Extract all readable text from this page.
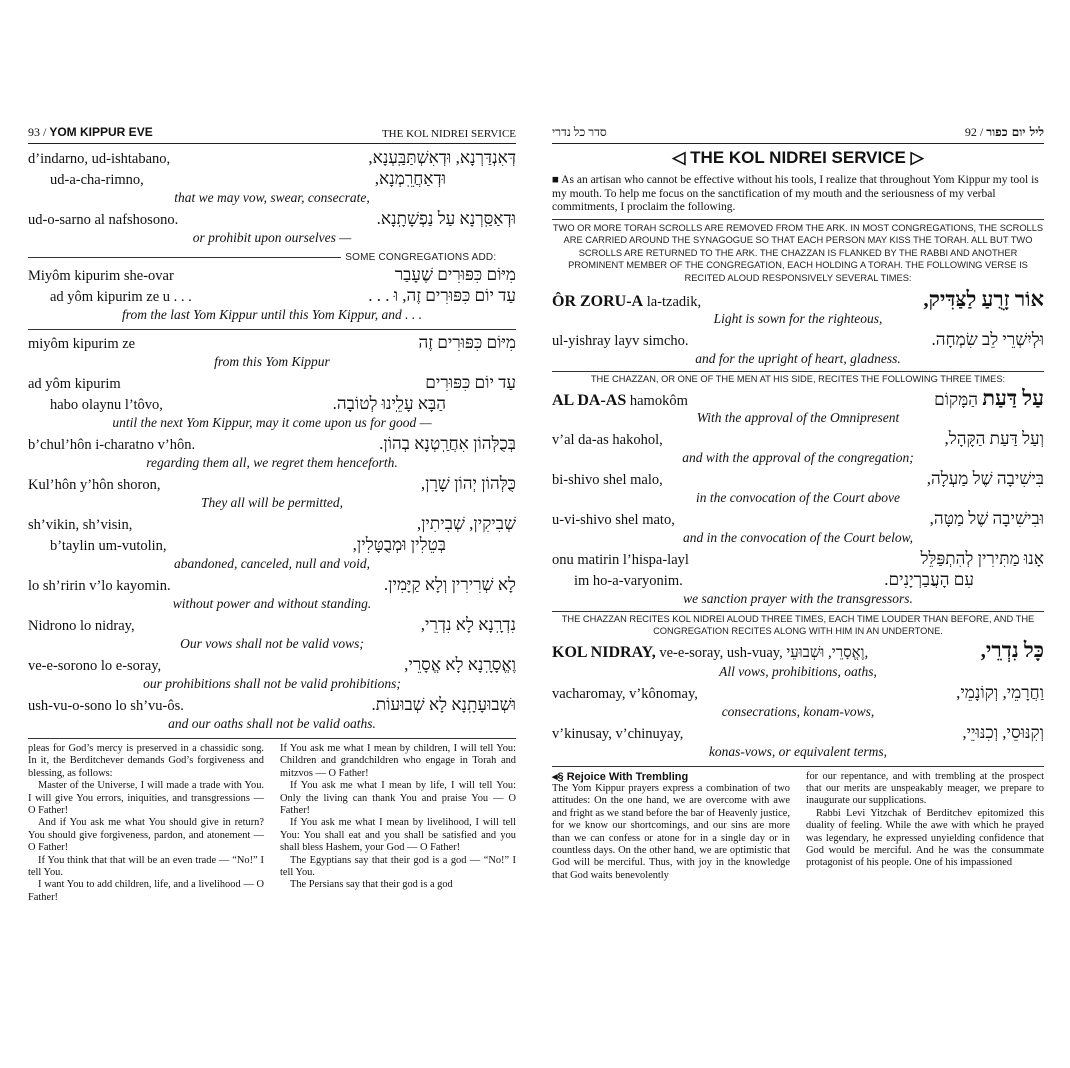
93 / YOM KIPPUR EVE	THE KOL NIDREI SERVICE
d’indarno, ud-ishtabano,	דְּאִנְדַּרְנָא, וּדְאִשְׁתַּבַּֽעְנָא,
ud-a-cha-rimno,	וּדְאַחֲרֵֽמְנָא,
that we may vow, swear, consecrate,
ud-o-sarno al nafshosono.	וּדְאַסַּֽרְנָא עַל נַפְשָׁתָֽנָא.
or prohibit upon ourselves —
SOME CONGREGATIONS ADD:
Miyôm kipurim she-ovar	מִיּוֹם כִּפּוּרִים שֶׁעָבַר
ad yôm kipurim ze u . . .	עַד יוֹם כִּפּוּרִים זֶה, וּ . . .
from the last Yom Kippur until this Yom Kippur, and . . .
miyôm kipurim ze	מִיּוֹם כִּפּוּרִים זֶה
from this Yom Kippur
ad yôm kipurim	עַד יוֹם כִּפּוּרִים
habo olaynu l’tôvo,	הַבָּא עָלֵֽינוּ לְטוֹבָה.
until the next Yom Kippur, may it come upon us for good —
b’chul’hôn i-charatno v’hôn.	בְּכֻלְּהוֹן אִחֲרַֽטְנָא בְהוֹן.
regarding them all, we regret them henceforth.
Kul’hôn y’hôn shoron,	כֻּלְּהוֹן יְהוֹן שָׁרָן,
They all will be permitted,
sh’vikin, sh’visin,	שְׁבִיקִין, שְׁבִיתִין,
b’taylin um-vutolin,	בְּטֵלִין וּמְבֻטָּלִין,
abandoned, canceled, null and void,
lo sh’ririn v’lo kayomin.	לָא שְׁרִירִין וְלָא קַיָּמִין.
without power and without standing.
Nidrono lo nidray,	נִדְרָֽנָא לָא נִדְרֵי,
Our vows shall not be valid vows;
ve-e-sorono lo e-soray,	וֶאֱסָרָֽנָא לָא אֱסָרֵי,
our prohibitions shall not be valid prohibitions;
ush-vu-o-sono lo sh’vu-ôs.	וּשְׁבוּעָתָֽנָא לָא שְׁבוּעוֹת.
and our oaths shall not be valid oaths.

pleas for God’s mercy is preserved in a chassidic song. In it, the Berditchever demands God’s forgiveness and blessing, as follows:

Master of the Universe, I will made a trade with You. I will give You errors, iniquities, and transgressions — O Father!

And if You ask me what You should give in return? You should give forgiveness, pardon, and atonement — O Father!

If You think that that will be an even trade — “No!” I tell You.

I want You to add children, life, and a livelihood — O Father!

If You ask me what I mean by children, I will tell You: Children and grandchildren who engage in Torah and mitzvos — O Father!

If You ask me what I mean by life, I will tell You: Only the living can thank You and praise You — O Father!

If You ask me what I mean by livelihood, I will tell You: You shall eat and you shall be satisfied and you shall bless Hashem, your God — O Father!

The Egyptians say that their god is a god — “No!” I tell You.

The Persians say that their god is a god

סדר כל נדרי	ליל יום כפור / 92
◁ THE KOL NIDREI SERVICE ▷
■ As an artisan who cannot be effective without his tools, I realize that throughout Yom Kippur my tool is my mouth. To help me focus on the sanctification of my mouth and the seriousness of my verbal commitments, I proclaim the following.
TWO OR MORE TORAH SCROLLS ARE REMOVED FROM THE ARK. IN MOST CONGREGATIONS, THE SCROLLS ARE CARRIED AROUND THE SYNAGOGUE SO THAT EACH PERSON MAY KISS THE TORAH. ALL BUT TWO SCROLLS ARE RETURNED TO THE ARK. THE CHAZZAN IS FLANKED BY THE RABBI AND ANOTHER PROMINENT MEMBER OF THE CONGREGATION, EACH HOLDING A TORAH. THE FOLLOWING VERSE IS RECITED ALOUD RESPONSIVELY SEVERAL TIMES:
ÔR ZORU-A la-tzadik,	אוֹר זָרֻעַ לַצַּדִּיק,
Light is sown for the righteous,
ul-yishray layv simcho.	וּלְיִשְׁרֵי לֵב שִׂמְחָה.
and for the upright of heart, gladness.
THE CHAZZAN, OR ONE OF THE MEN AT HIS SIDE, RECITES THE FOLLOWING THREE TIMES:
AL DA-AS hamokôm	עַל דַּעַת הַמָּקוֹם
With the approval of the Omnipresent
v’al da-as hakohol,	וְעַל דַּעַת הַקָּהָל,
and with the approval of the congregation;
bi-shivo shel malo,	בִּישִׁיבָה שֶׁל מַעְלָה,
in the convocation of the Court above
u-vi-shivo shel mato,	וּבִישִׁיבָה שֶׁל מַטָּה,
and in the convocation of the Court below,
onu matirin l’hispa-layl	אָנוּ מַתִּירִין לְהִתְפַּלֵּל
im ho-a-varyonim.	עִם הָעֲבַרְיָנִים.
we sanction prayer with the transgressors.
THE CHAZZAN RECITES KOL NIDREI ALOUD THREE TIMES, EACH TIME LOUDER THAN BEFORE, AND THE CONGREGATION RECITES ALONG WITH HIM IN AN UNDERTONE.
KOL NIDRAY, ve-e-soray, ush-vuay, וֶאֱסָרֵי, וּשְׁבוּעֵי,	כָּל נִדְרֵי,
All vows, prohibitions, oaths,
vacharomay, v’kônomay,	וַחֲרָמֵי, וְקוֹנָמֵי,
consecrations, konam-vows,
v’kinusay, v’chinuyay,	וְקִנּוּסֵי, וְכִנּוּיֵי,
konas-vows, or equivalent terms,
◂§ Rejoice With Trembling

The Yom Kippur prayers express a combination of two attitudes: On the one hand, we are overcome with awe and fright as we stand before the bar of Heavenly justice, for we know our shortcomings, and our sins are more than we can confess or atone for in a single day or in countless days. On the other hand, we are optimistic that God will be merciful. Thus, with joy in the knowledge that God waits benevolently

for our repentance, and with trembling at the prospect that our merits are unspeakably meager, we prepare to inaugurate our supplications.

Rabbi Levi Yitzchak of Berditchev epitomized this duality of feeling. While the awe with which he prayed was legendary, he expressed unyielding confidence that God would be merciful. And he was the consummate protagonist of his people. One of his impassioned
